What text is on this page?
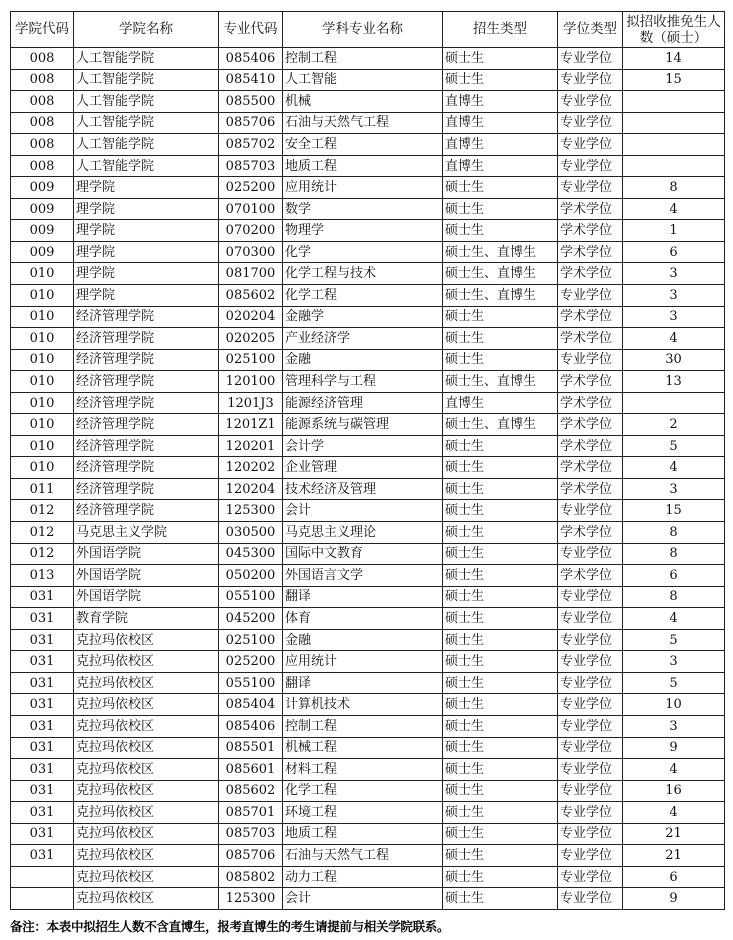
学院代码	学院名称	专业代码	学科专业名称	招生类型	学位类型	拟招收推免生人数（硕士）
008	人工智能学院	085406	控制工程	硕士生	专业学位	14
008	人工智能学院	085410	人工智能	硕士生	专业学位	15
008	人工智能学院	085500	机械	直博生	专业学位	
008	人工智能学院	085706	石油与天然气工程	直博生	专业学位	
008	人工智能学院	085702	安全工程	直博生	专业学位	
008	人工智能学院	085703	地质工程	直博生	专业学位	
009	理学院	025200	应用统计	硕士生	专业学位	8
009	理学院	070100	数学	硕士生	学术学位	4
009	理学院	070200	物理学	硕士生	学术学位	1
009	理学院	070300	化学	硕士生、直博生	学术学位	6
010	理学院	081700	化学工程与技术	硕士生、直博生	学术学位	3
010	理学院	085602	化学工程	硕士生、直博生	专业学位	3
010	经济管理学院	020204	金融学	硕士生	学术学位	3
010	经济管理学院	020205	产业经济学	硕士生	学术学位	4
010	经济管理学院	025100	金融	硕士生	专业学位	30
010	经济管理学院	120100	管理科学与工程	硕士生、直博生	学术学位	13
010	经济管理学院	1201J3	能源经济管理	直博生	学术学位	
010	经济管理学院	1201Z1	能源系统与碳管理	硕士生、直博生	学术学位	2
010	经济管理学院	120201	会计学	硕士生	学术学位	5
010	经济管理学院	120202	企业管理	硕士生	学术学位	4
011	经济管理学院	120204	技术经济及管理	硕士生	学术学位	3
012	经济管理学院	125300	会计	硕士生	专业学位	15
012	马克思主义学院	030500	马克思主义理论	硕士生	学术学位	8
012	外国语学院	045300	国际中文教育	硕士生	专业学位	8
013	外国语学院	050200	外国语言文学	硕士生	学术学位	6
031	外国语学院	055100	翻译	硕士生	专业学位	8
031	教育学院	045200	体育	硕士生	专业学位	4
031	克拉玛依校区	025100	金融	硕士生	专业学位	5
031	克拉玛依校区	025200	应用统计	硕士生	专业学位	3
031	克拉玛依校区	055100	翻译	硕士生	专业学位	5
031	克拉玛依校区	085404	计算机技术	硕士生	专业学位	10
031	克拉玛依校区	085406	控制工程	硕士生	专业学位	3
031	克拉玛依校区	085501	机械工程	硕士生	专业学位	9
031	克拉玛依校区	085601	材料工程	硕士生	专业学位	4
031	克拉玛依校区	085602	化学工程	硕士生	专业学位	16
031	克拉玛依校区	085701	环境工程	硕士生	专业学位	4
031	克拉玛依校区	085703	地质工程	硕士生	专业学位	21
031	克拉玛依校区	085706	石油与天然气工程	硕士生	专业学位	21
	克拉玛依校区	085802	动力工程	硕士生	专业学位	6
	克拉玛依校区	125300	会计	硕士生	专业学位	9
备注：本表中拟招生人数不含直博生，报考直博生的考生请提前与相关学院联系。
